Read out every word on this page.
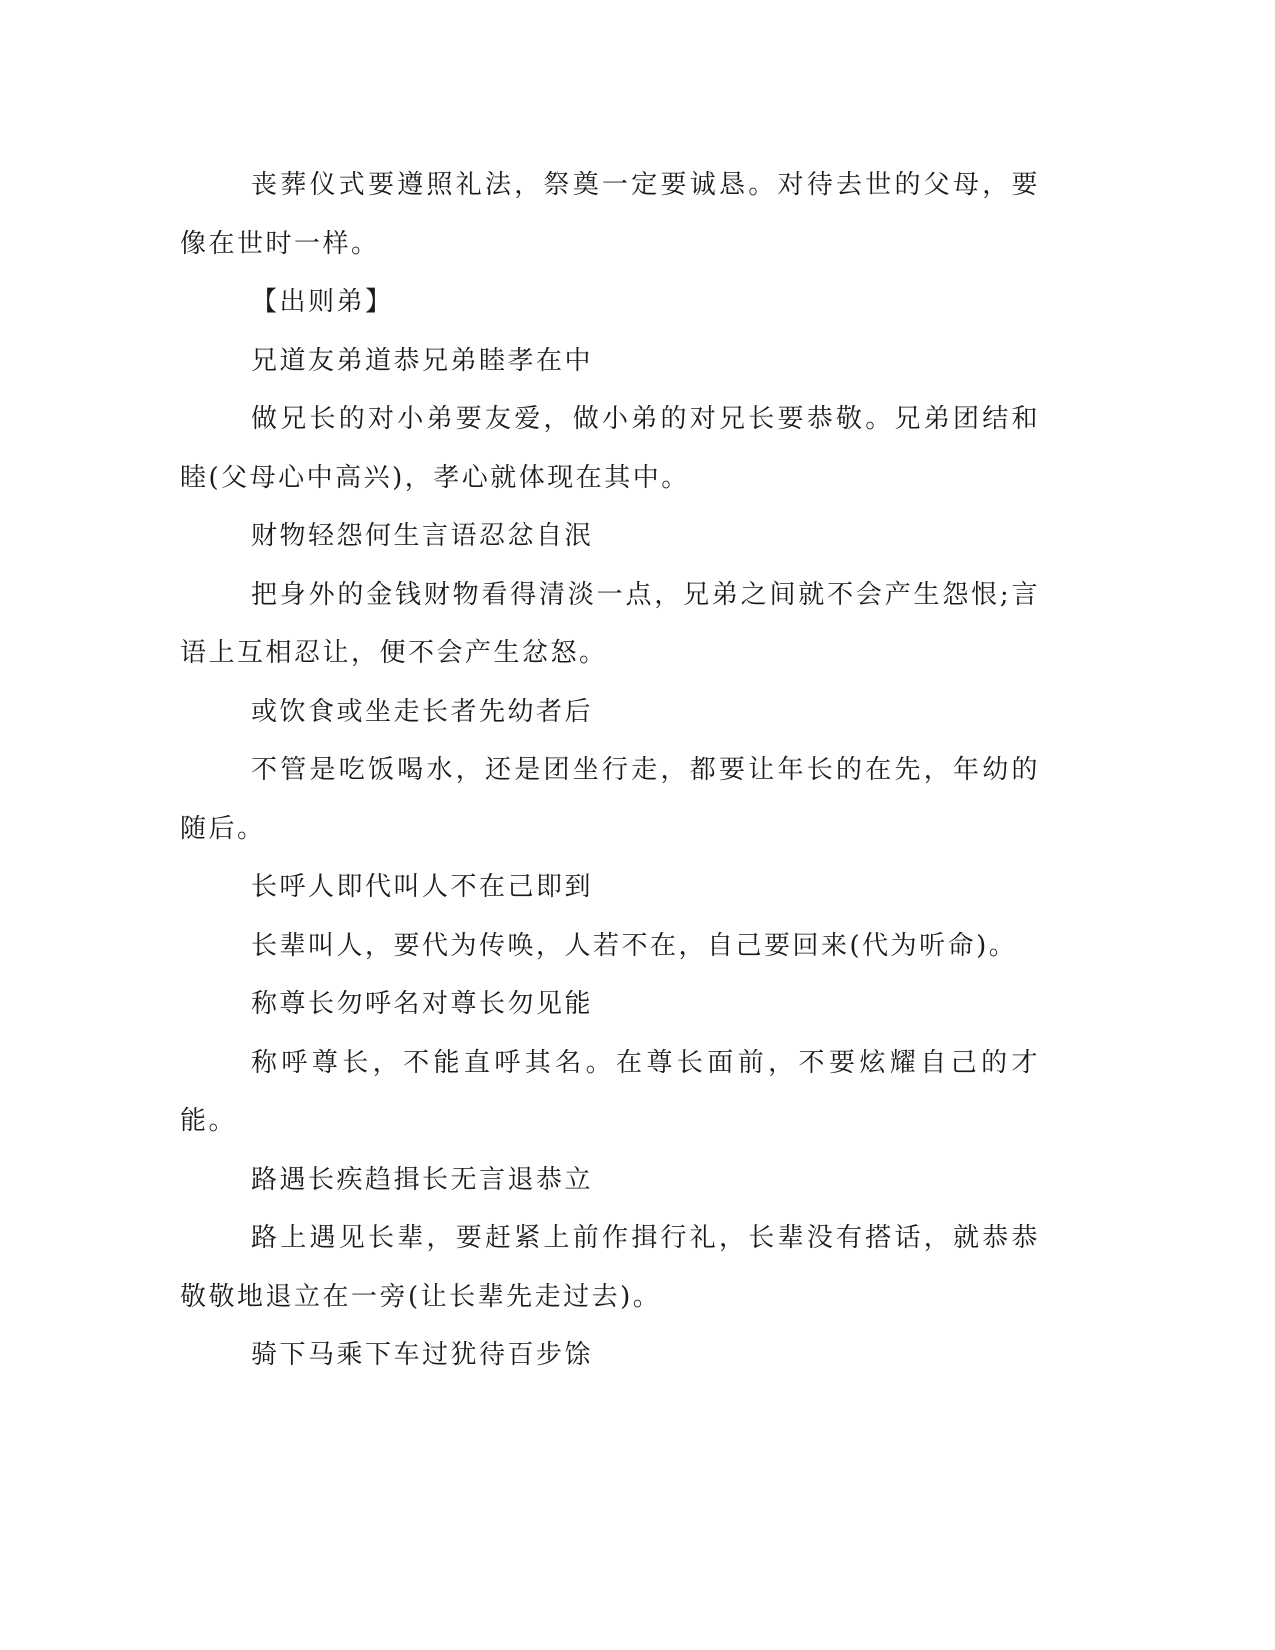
丧葬仪式要遵照礼法，祭奠一定要诚恳。对待去世的父母，要像在世时一样。

【出则弟】

兄道友弟道恭兄弟睦孝在中

做兄长的对小弟要友爱，做小弟的对兄长要恭敬。兄弟团结和睦(父母心中高兴)，孝心就体现在其中。

财物轻怨何生言语忍忿自泯

把身外的金钱财物看得清淡一点，兄弟之间就不会产生怨恨;言语上互相忍让，便不会产生忿怒。

或饮食或坐走长者先幼者后

不管是吃饭喝水，还是团坐行走，都要让年长的在先，年幼的随后。

长呼人即代叫人不在己即到

长辈叫人，要代为传唤，人若不在，自己要回来(代为听命)。

称尊长勿呼名对尊长勿见能

称呼尊长，不能直呼其名。在尊长面前，不要炫耀自己的才能。

路遇长疾趋揖长无言退恭立

路上遇见长辈，要赶紧上前作揖行礼，长辈没有搭话，就恭恭敬敬地退立在一旁(让长辈先走过去)。

骑下马乘下车过犹待百步馀
